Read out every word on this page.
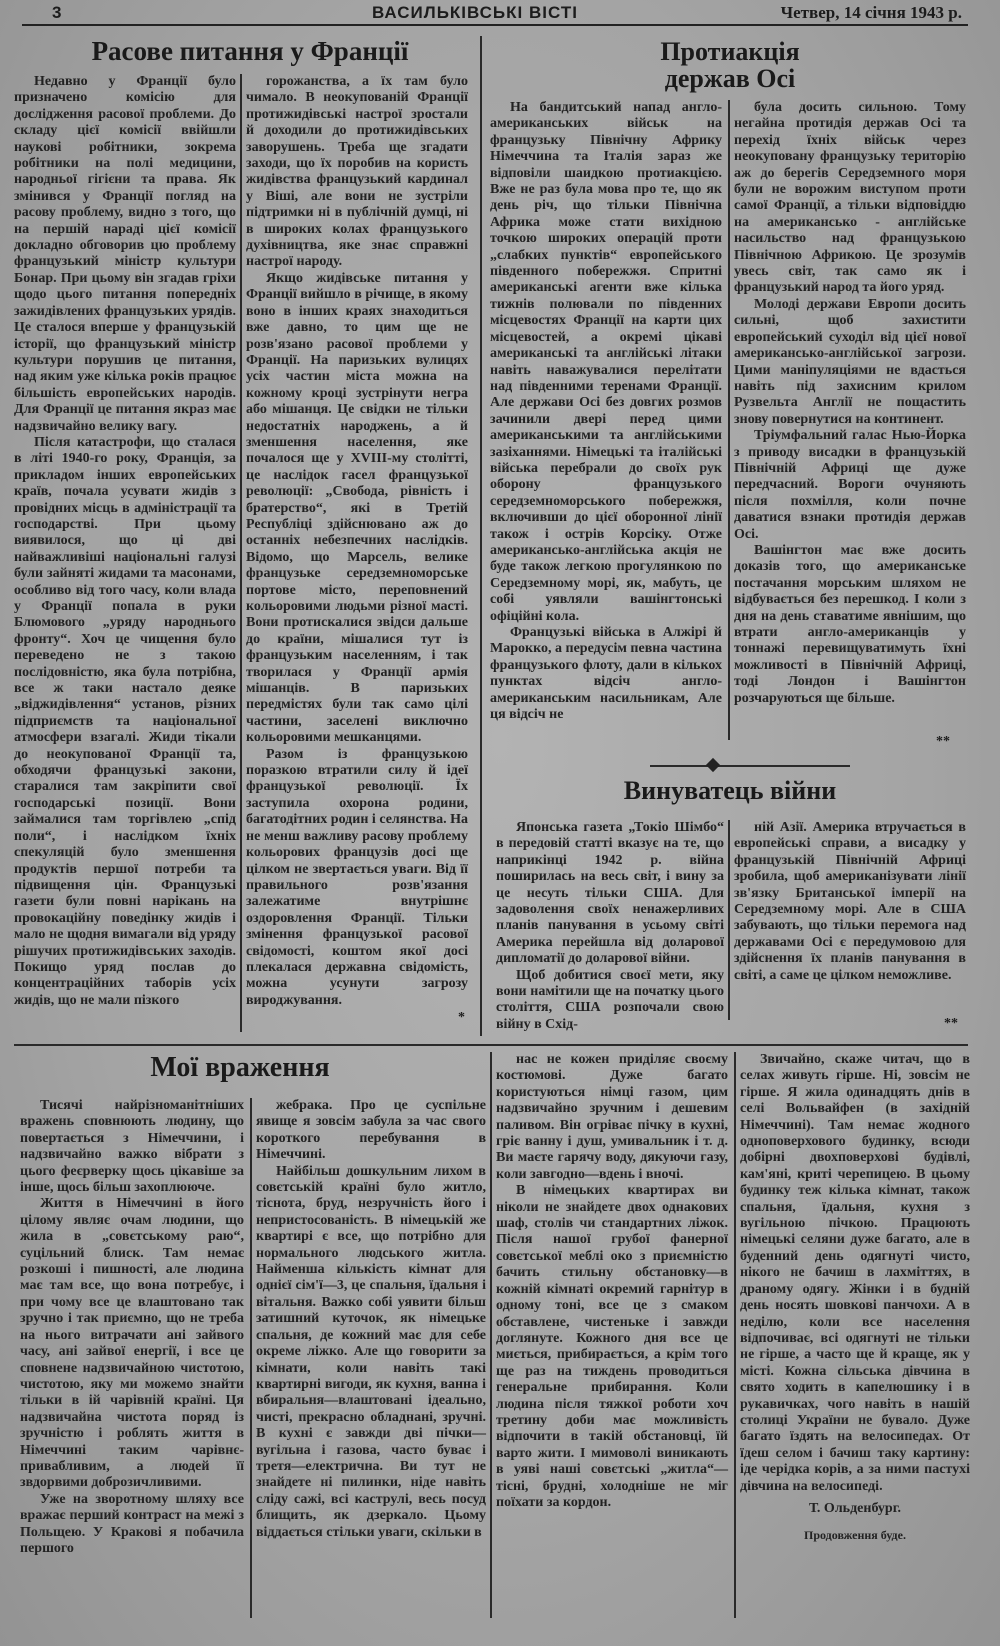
3	ВАСИЛЬКІВСЬКІ ВІСТІ	Четвер, 14 січня 1943 р.
Расове питання у Франції

Недавно у Франції було призначено комісію для дослідження расової проблеми. До складу цієї комісії ввійшли наукові робітники, зокрема робітники на полі медицини, народньої гігієни та права. Як змінився у Франції погляд на расову проблему, видно з того, що на першій нараді цієї комісії докладно обговорив цю проблему французький міністр культури Бонар. При цьому він згадав гріхи щодо цього питання попередніх зажидівлених французьких урядів. Це сталося вперше у французькій історії, що французький міністр культури порушив це питання, над яким уже кілька років працює більшість европейських народів. Для Франції це питання якраз має надзвичайно велику вагу.

Після катастрофи, що сталася в літі 1940-го року, Франція, за прикладом інших европейських країв, почала усувати жидів з провідних місць в адміністрації та господарстві. При цьому виявилося, що ці дві найважливіші національні галузі були зайняті жидами та масонами, особливо від того часу, коли влада у Франції попала в руки Блюмового „уряду народнього фронту“. Хоч це чищення було переведено не з такою послідовністю, яка була потрібна, все ж таки настало деяке „віджидівлення“ установ, різних підприємств та національної атмосфери взагалі. Жиди тікали до неокупованої Франції та, обходячи французькі закони, старалися там закріпити свої господарські позиції. Вони займалися там торгівлею „спід поли“, і наслідком їхніх спекуляцій було зменшення продуктів першої потреби та підвищення цін. Французькі газети були повні нарікань на провокаційну поведінку жидів і мало не щодня вимагали від уряду рішучих протижидівських заходів. Покищо уряд послав до концентраційних таборів усіх жидів, що не мали пізкого

горожанства, а їх там було чимало. В неокупованій Франції протижидівські настрої зростали й доходили до протижидівських заворушень. Треба ще згадати заходи, що їх поробив на користь жидівства французький кардинал у Віші, але вони не зустріли підтримки ні в публічній думці, ні в широких колах французького духівництва, яке знає справжні настрої народу.

Якщо жидівське питання у Франції вийшло в річище, в якому воно в інших краях знаходиться вже давно, то цим ще не розв'язано расової проблеми у Франції. На паризьких вулицях усіх частин міста можна на кожному кроці зустрінути негра або мішанця. Це свідки не тільки недостатніх народжень, а й зменшення населення, яке почалося ще у XVIII-му столітті, це наслідок гасел французької революції: „Свобода, рівність і братерство“, які в Третій Республіці здійснювано аж до останніх небезпечних наслідків. Відомо, що Марсель, велике французьке середземноморське портове місто, переповнений кольоровими людьми різної масті. Вони протискалися звідси дальше до країни, мішалися тут із французьким населенням, і так творилася у Франції армія мішанців. В паризьких передмістях були так само цілі частини, заселені виключно кольоровими мешканцями.

Разом із французькою поразкою втратили силу й ідеї французької революції. Їх заступила охорона родини, багатодітних родин і селянства. На не менш важливу расову проблему кольорових французів досі ще цілком не звертається уваги. Від її правильного розв'язання залежатиме внутрішнє оздоровлення Франції. Тільки змінення французької расової свідомості, коштом якої досі плекалася державна свідомість, можна усунути загрозу вироджування.

*
Протиакція
держав Осі

На бандитський напад англо-американських військ на французьку Північну Африку Німеччина та Італія зараз же відповіли шаидкою протиакцією. Вже не раз була мова про те, що як день річ, що тільки Північна Африка може стати вихідною точкою широких операцій проти „слабких пунктів“ европейського південного побережжя. Спритні американські агенти вже кілька тижнів полювали по південних місцевостях Франції на карти цих місцевостей, а окремі цікаві американські та англійські літаки навіть наважувалися перелітати над південними теренами Франції. Але держави Осі без довгих розмов зачинили двері перед цими американськими та англійськими зазіханнями. Німецькі та італійські війська перебрали до своїх рук оборону французького середземноморського побережжя, включивши до цієї оборонної лінії також і острів Корсіку. Отже американсько-англійська акція не буде також легкою прогулянкою по Середземному морі, як, мабуть, це собі уявляли вашінгтонські офіційні кола.

Французькі війська в Алжірі й Марокко, а передусім певна частина французького флоту, дали в кількох пунктах відсіч англо-американським насильникам, Але ця відсіч не

була досить сильною. Тому негайна протидія держав Осі та перехід їхніх військ через неокуповану французьку територію аж до берегів Середземного моря були не ворожим виступом проти самої Франції, а тільки відповіддю на американсько - англійське насильство над французькою Північною Африкою. Це зрозумів увесь світ, так само як і французький народ та його уряд.

Молоді держави Европи досить сильні, щоб захистити европейський суходіл від цієї нової американсько-англійської загрози. Цими маніпуляціями не вдасться навіть під захисним крилом Рузвельта Англії не пощастить знову повернутися на континент.

Тріумфальний галас Нью-Йорка з приводу висадки в французькій Північній Африці ще дуже передчасний. Вороги очуняють після похмілля, коли почне даватися взнаки протидія держав Осі.

Вашінгтон має вже досить доказів того, що американське постачання морським шляхом не відбувається без перешкод. І коли з дня на день ставатиме явнішим, що втрати англо-американців у тоннажі перевищуватимуть їхні можливості в Північній Африці, тоді Лондон і Вашінгтон розчаруються ще більше.

**
Винуватець війни

Японська газета „Токіо Шімбо“ в передовій статті вказує на те, що наприкінці 1942 р. війна поширилась на весь світ, і вину за це несуть тільки США. Для задоволення своїх ненажерливих планів панування в усьому світі Америка перейшла від доларової дипломатії до доларової війни.

Щоб добитися своєї мети, яку вони намітили ще на початку цього століття, США розпочали свою війну в Схід-

ній Азії. Америка втручається в европейські справи, а висадку у французькій Північній Африці зробила, щоб американізувати лінії зв'язку Британської імперії на Середземному морі. Але в США забувають, що тільки перемога над державами Осі є передумовою для здійснення їх планів панування в світі, а саме це цілком неможливе.

**
Мої враження

Тисячі найрізноманітніших вражень сповнюють людину, що повертається з Німеччини, і надзвичайно важко вібрати з цього феєрверку щось цікавіше за інше, щось більш захоплююче.

Життя в Німеччині в його цілому являє очам людини, що жила в „совєтському раю“, суцільний блиск. Там немає розкоші і пишності, але людина має там все, що вона потребує, і при чому все це влаштовано так зручно і так приємно, що не треба на нього витрачати ані зайвого часу, ані зайвої енергії, і все це сповнене надзвичайною чистотою, чистотою, яку ми можемо знайти тільки в ій чарівній країні. Ця надзвичайна чистота поряд із зручністю і роблять життя в Німеччині таким чарівнє-привабливим, а людей її звдорвими доброзичливими.

Уже на зворотному шляху все вражає перший контраст на межі з Польщею. У Кракові я побачила першого

жебрака. Про це суспільне явище я зовсім забула за час свого короткого перебування в Німеччині.

Найбільш дошкульним лихом в совєтській країні було житло, тіснота, бруд, незручність його і непристосованість. В німецькій же квартирі є все, що потрібно для нормального людського житла. Найменша кількість кімнат для однієї сім'ї—3, це спальня, їдальня і вітальня. Важко собі уявити більш затишний куточок, як німецьке спальня, де кожний має для себе окреме ліжко. Але що говорити за кімнати, коли навіть такі квартирні вигоди, як кухня, ванна і вбиральня—влаштовані ідеально, чисті, прекрасно обладнані, зручні. В кухні є завжди дві пічки—вугільна і газова, часто буває і третя—електрична. Ви тут не знайдете ні пилинки, ніде навіть сліду сажі, всі каструлі, весь посуд блищить, як дзеркало. Цьому віддається стільки уваги, скільки в

нас не кожен приділяє своєму костюмові. Дуже багато користуються німці газом, цим надзвичайно зручним і дешевим паливом. Він огріває пічку в кухні, гріє ванну і душ, умивальник і т. д. Ви маєте гарячу воду, дякуючи газу, коли завгодно—вдень і вночі.

В німецьких квартирах ви ніколи не знайдете двох однакових шаф, столів чи стандартних ліжок. Після нашої грубої фанерної совєтської меблі око з приємністю бачить стильну обстановку—в кожній кімнаті окремий гарнітур в одному тоні, все це з смаком обставлене, чистеньке і завжди доглянуте. Кожного дня все це миється, прибирається, а крім того ще раз на тиждень проводиться генеральне прибирання. Коли людина після тяжкої роботи хоч третину доби має можливість відпочити в такій обстановці, їй варто жити. І мимоволі виникають в уяві наші совєтські „житла“—тісні, брудні, холодніше не міг поїхати за кордон.

Звичайно, скаже читач, що в селах живуть гірше. Ні, зовсім не гірше. Я жила одинадцять днів в селі Вольвайфен (в західній Німеччині). Там немає жодного одноповерхового будинку, всюди добірні двохповерхові будівлі, кам'яні, криті черепицею. В цьому будинку теж кілька кімнат, також спальня, їдальня, кухня з вугільною пічкою. Працюють німецькі селяни дуже багато, але в буденний день одягнуті чисто, нікого не бачиш в лахміттях, в драному одягу. Жінки і в будній день носять шовкові панчохи. А в неділю, коли все населення відпочиває, всі одягнуті не тільки не гірше, а часто ще й краще, як у місті. Кожна сільська дівчина в свято ходить в капелюшику і в рукавичках, чого навіть в нашій столиці України не бувало. Дуже багато їздять на велосипедах. От їдеш селом і бачиш таку картину: іде черідка корів, а за ними пастухі дівчина на велосипеді.

Т. Ольденбург.

Продовження буде.
